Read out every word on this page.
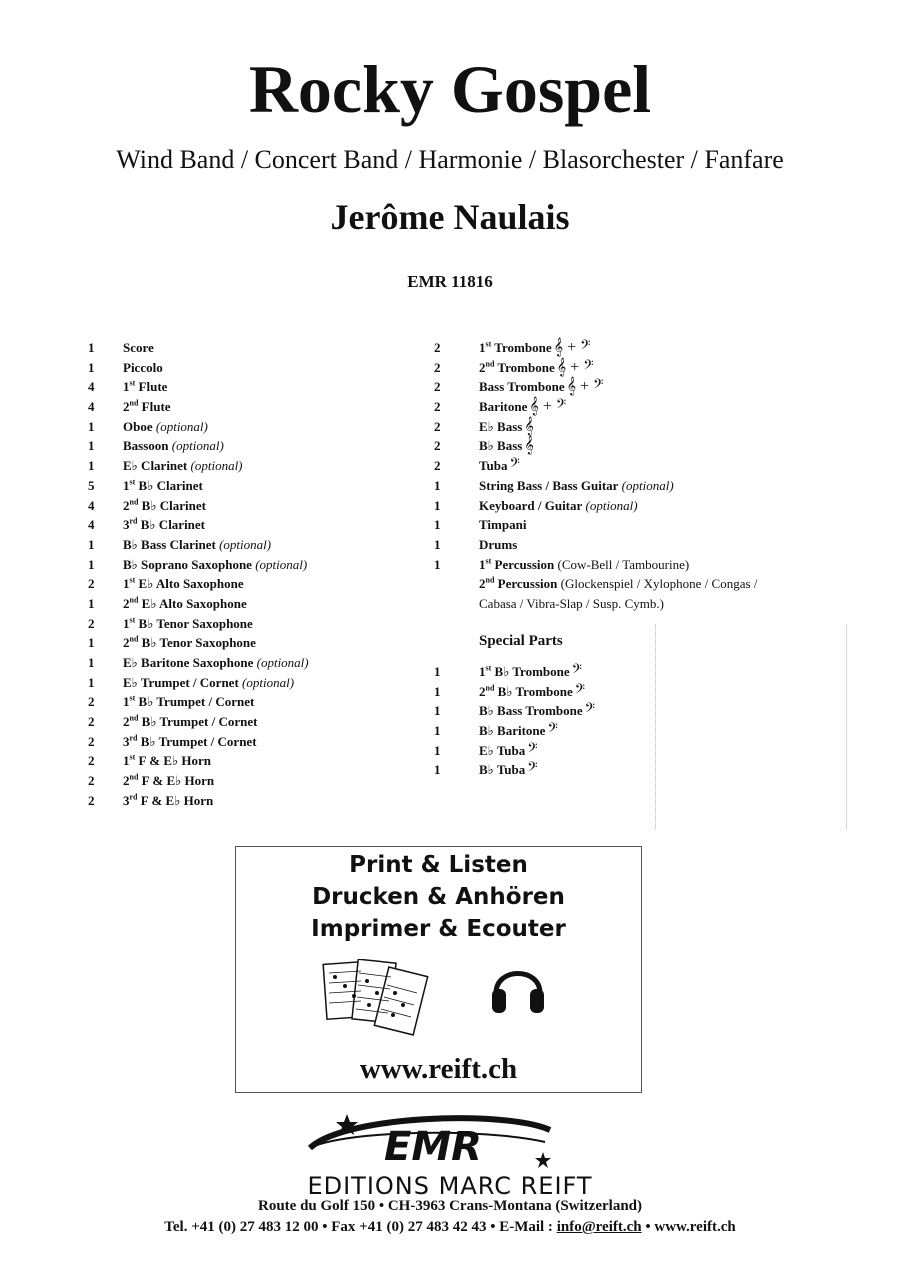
Rocky Gospel
Wind Band / Concert Band / Harmonie / Blasorchester / Fanfare
Jerôme Naulais
EMR 11816
1	Score
1	Piccolo
4	1st Flute
4	2nd Flute
1	Oboe (optional)
1	Bassoon (optional)
1	E♭ Clarinet (optional)
5	1st B♭ Clarinet
4	2nd B♭ Clarinet
4	3rd B♭ Clarinet
1	B♭ Bass Clarinet (optional)
1	B♭ Soprano Saxophone (optional)
2	1st E♭ Alto Saxophone
1	2nd E♭ Alto Saxophone
2	1st B♭ Tenor Saxophone
1	2nd B♭ Tenor Saxophone
1	E♭ Baritone Saxophone (optional)
1	E♭ Trumpet / Cornet (optional)
2	1st B♭ Trumpet / Cornet
2	2nd B♭ Trumpet / Cornet
2	3rd B♭ Trumpet / Cornet
2	1st F & E♭ Horn
2	2nd F & E♭ Horn
2	3rd F & E♭ Horn
2	1st Trombone 𝄞 + 𝄢
2	2nd Trombone 𝄞 + 𝄢
2	Bass Trombone 𝄞 + 𝄢
2	Baritone 𝄞 + 𝄢
2	E♭ Bass 𝄞
2	B♭ Bass 𝄞
2	Tuba 𝄢
1	String Bass / Bass Guitar (optional)
1	Keyboard / Guitar (optional)
1	Timpani
1	Drums
1	1st Percussion (Cow-Bell / Tambourine)
2nd Percussion (Glockenspiel / Xylophone / Congas /
Cabasa / Vibra-Slap / Susp. Cymb.)
Special Parts
1	1st B♭ Trombone 𝄢
1	2nd B♭ Trombone 𝄢
1	B♭ Bass Trombone 𝄢
1	B♭ Baritone 𝄢
1	E♭ Tuba 𝄢
1	B♭ Tuba 𝄢
Print & Listen
Drucken & Anhören
Imprimer & Ecouter
www.reift.ch
EMR
EDITIONS MARC REIFT
Route du Golf 150 • CH-3963 Crans-Montana (Switzerland)
Tel. +41 (0) 27 483 12 00 • Fax +41 (0) 27 483 42 43 • E-Mail : info@reift.ch • www.reift.ch
